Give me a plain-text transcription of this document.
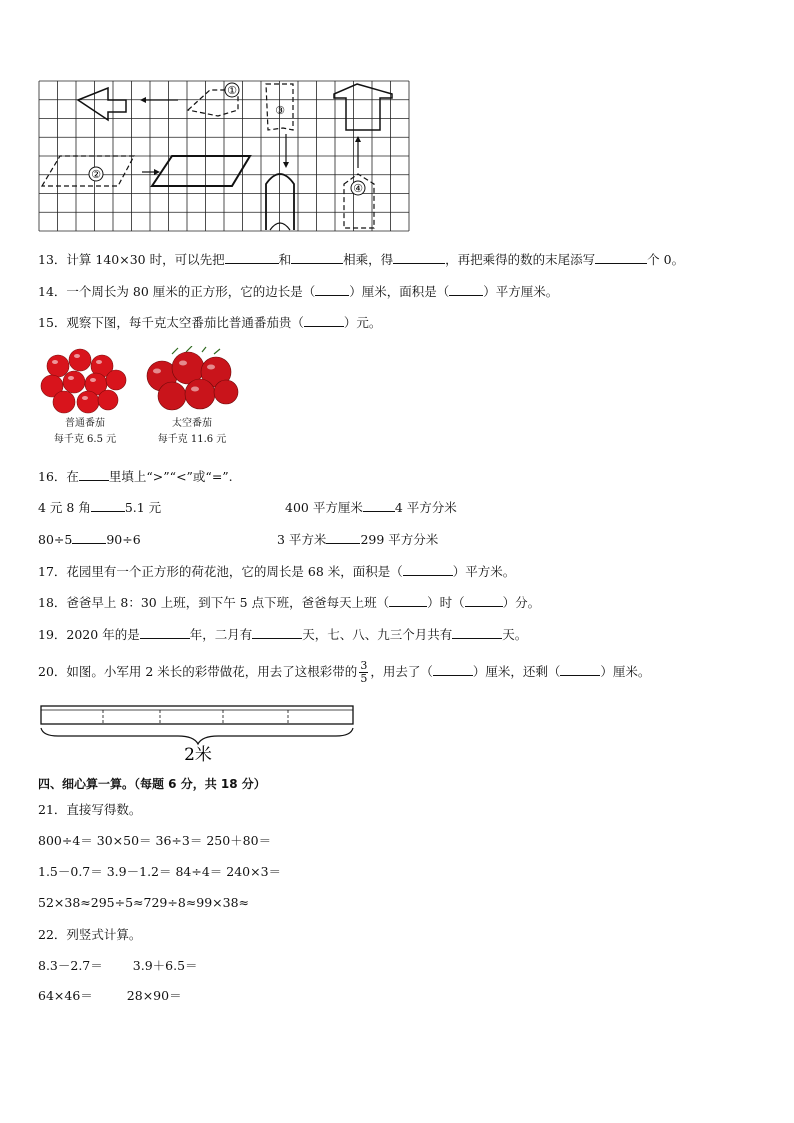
①
③
②
④
13．计算 140×30 时，可以先把	和	相乘，得	，再把乘得的数的末尾添写	个 0。
14．一个周长为 80 厘米的正方形，它的边长是（	）厘米，面积是（	）平方厘米。
15．观察下图，每千克太空番茄比普通番茄贵（	）元。
普通番茄
每千克 6.5 元
太空番茄
每千克 11.6 元
16．在 里填上“>”“<”或“=”.
4 元 8 角	5.1 元	400 平方厘米	4 平方分米
80÷5	90÷6	3 平方米	299 平方分米
17．花园里有一个正方形的荷花池，它的周长是 68 米，面积是（	）平方米。
18．爸爸早上 8：30 上班，到下午 5 点下班，爸爸每天上班（	）时（	）分。
19．2020 年的是	年，二月有	天，七、八、九三个月共有	天。
20．如图。小军用 2 米长的彩带做花，用去了这根彩带的 $\frac{3}{5}$ ，用去了（	）厘米，还剩（	）厘米。
2米
四、细心算一算。（每题 6 分，共 18 分）
21．直接写得数。
800÷4＝ 30×50＝ 36÷3＝ 250＋80＝
1.5－0.7＝ 3.9－1.2＝ 84÷4＝ 240×3＝
52×38≈295÷5≈729÷8≈99×38≈
22．列竖式计算。
8.3－2.7＝ 3.9＋6.5＝
64×46＝	28×90＝
